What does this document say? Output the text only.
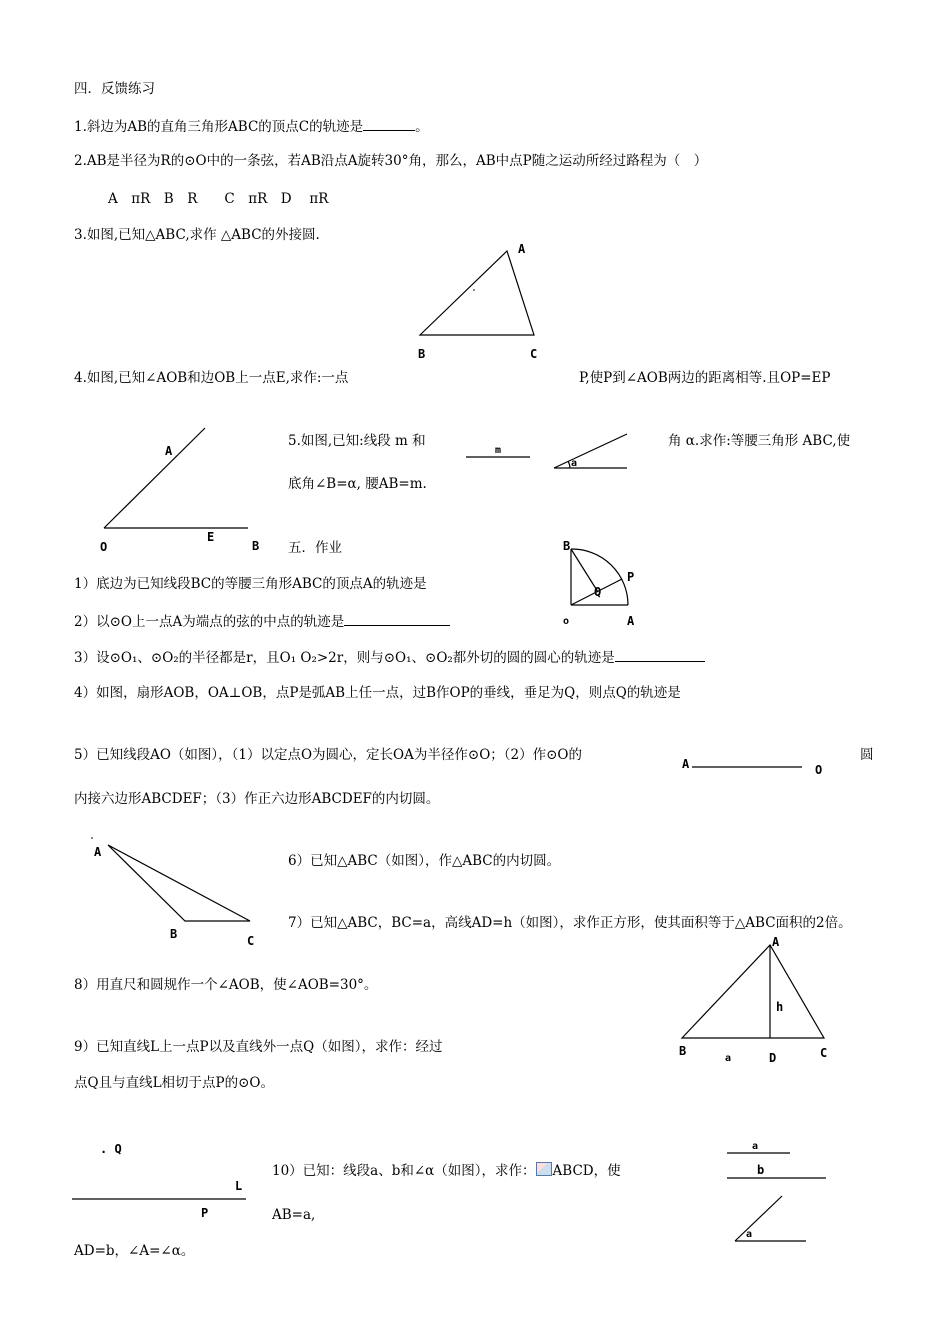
四．反馈练习
1.斜边为AB的直角三角形ABC的顶点C的轨迹是	。
2.AB是半径为R的⊙O中的一条弦，若AB沿点A旋转30°角，那么，AB中点P随之运动所经过路程为（　）
A　πR　B　R　　C　πR　D　 πR
3.如图,已知△ABC,求作 △ABC的外接圆.
4.如图,已知∠AOB和边OB上一点E,求作:一点	P,使P到∠AOB两边的距离相等.且OP=EP
5.如图,已知:线段 m 和	角 α.求作:等腰三角形 ABC,使
底角∠B=α, 腰AB=m.
五．作业
1）底边为已知线段BC的等腰三角形ABC的顶点A的轨迹是
2）以⊙O上一点A为端点的弦的中点的轨迹是
3）设⊙O₁、⊙O₂的半径都是r，且O₁ O₂>2r，则与⊙O₁、⊙O₂都外切的圆的圆心的轨迹是
4）如图，扇形AOB，OA⊥OB，点P是弧AB上任一点，过B作OP的垂线，垂足为Q，则点Q的轨迹是
5）已知线段AO（如图），（1）以定点O为圆心，定长OA为半径作⊙O；（2）作⊙O的	圆
内接六边形ABCDEF；（3）作正六边形ABCDEF的内切圆。
6）已知△ABC（如图），作△ABC的内切圆。
7）已知△ABC，BC=a，高线AD=h（如图），求作正方形，使其面积等于△ABC面积的2倍。
8）用直尺和圆规作一个∠AOB，使∠AOB=30°。
9）已知直线L上一点P以及直线外一点Q（如图），求作：经过
点Q且与直线L相切于点P的⊙O。
10）已知：线段a、b和∠α（如图），求作： ABCD，使
AB=a,
AD=b，∠A=∠α。
A
B	C
A
O
E
B
m
a
B
P
Q
o	A
A	O
A
B	C	A
h
B
a	D	C
. Q
L
P
a
b
a
